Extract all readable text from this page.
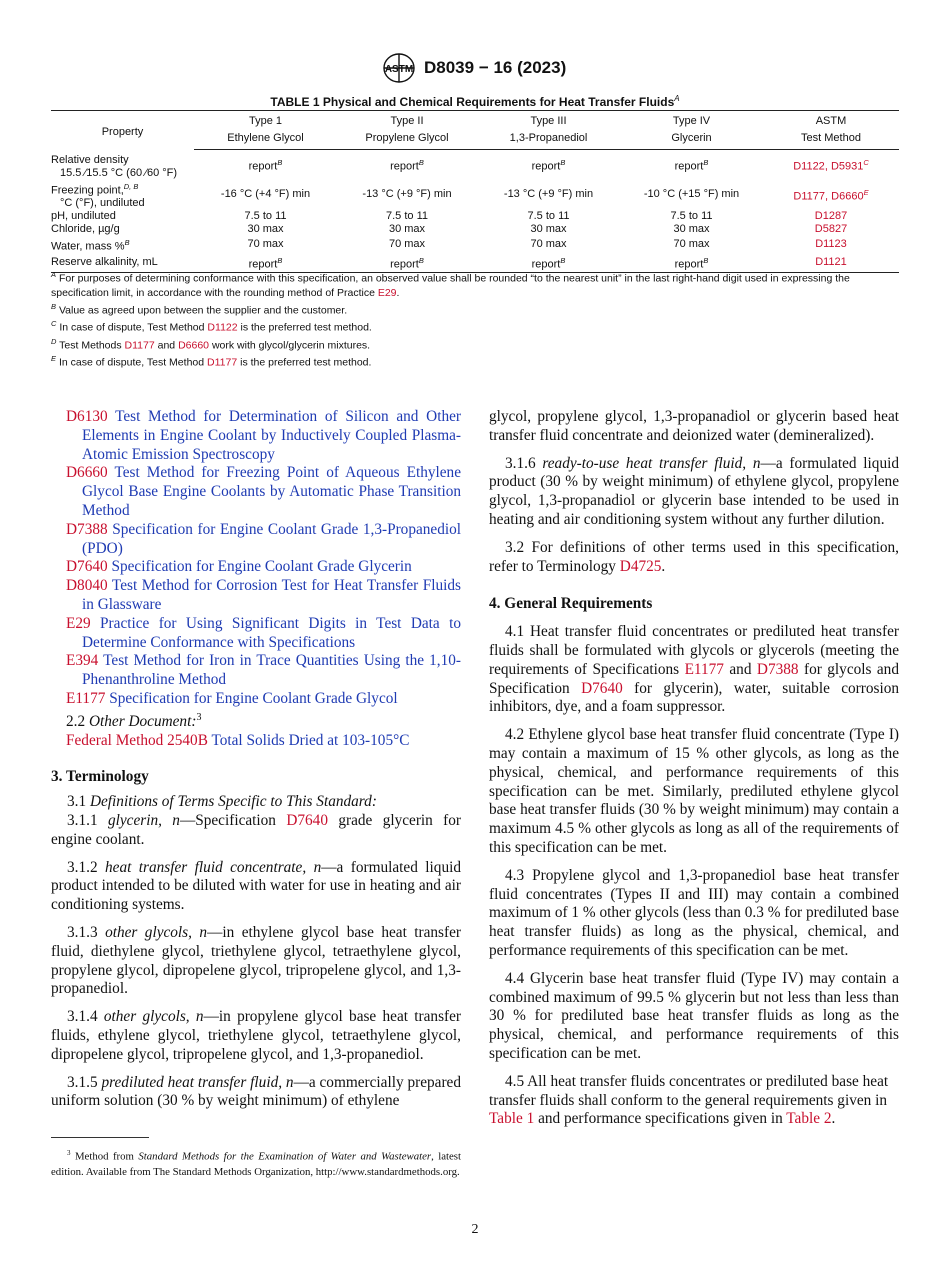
ASTM D8039 − 16 (2023)
TABLE 1 Physical and Chemical Requirements for Heat Transfer Fluids$^A$
Property	Type 1	Type II	Type III	Type IV	ASTM
	Ethylene Glycol	Propylene Glycol	1,3-Propanediol	Glycerin	Test Method
Relative density
15.5 ⁄15.5 °C (60 ⁄60 °F)	report$^B$	report$^B$	report$^B$	report$^B$	D1122, $D5931^C$
Freezing point,$^{D, B}$
°C (°F), undiluted	-16 °C (+4 °F) min	-13 °C (+9 °F) min	-13 °C (+9 °F) min	-10 °C (+15 °F) min	D1177, $D6660^E$
pH, undiluted	7.5 to 11	7.5 to 11	7.5 to 11	7.5 to 11	D1287
Chloride, µg/g	30 max	30 max	30 max	30 max	D5827
Water, mass %$^B$	70 max	70 max	70 max	70 max	D1123
Reserve alkalinity, mL	report$^B$	report$^B$	report$^B$	report$^B$	D1121

$^A$ For purposes of determining conformance with this specification, an observed value shall be rounded “to the nearest unit” in the last right-hand digit used in expressing the specification limit, in accordance with the rounding method of Practice E29.

$^B$ Value as agreed upon between the supplier and the customer.

$^C$ In case of dispute, Test Method D1122 is the preferred test method.

$^D$ Test Methods D1177 and D6660 work with glycol/glycerin mixtures.

$^E$ In case of dispute, Test Method D1177 is the preferred test method.

D6130 Test Method for Determination of Silicon and Other Elements in Engine Coolant by Inductively Coupled Plasma-Atomic Emission Spectroscopy

D6660 Test Method for Freezing Point of Aqueous Ethylene Glycol Base Engine Coolants by Automatic Phase Transition Method

D7388 Specification for Engine Coolant Grade 1,3-Propanediol (PDO)

D7640 Specification for Engine Coolant Grade Glycerin

D8040 Test Method for Corrosion Test for Heat Transfer Fluids in Glassware

E29 Practice for Using Significant Digits in Test Data to Determine Conformance with Specifications

E394 Test Method for Iron in Trace Quantities Using the 1,10-Phenanthroline Method

E1177 Specification for Engine Coolant Grade Glycol

2.2 Other Document:$^3$

Federal Method 2540B Total Solids Dried at 103-105°C

3. Terminology

3.1 Definitions of Terms Specific to This Standard:

3.1.1 glycerin, n—Specification D7640 grade glycerin for engine coolant.

3.1.2 heat transfer fluid concentrate, n—a formulated liquid product intended to be diluted with water for use in heating and air conditioning systems.

3.1.3 other glycols, n—in ethylene glycol base heat transfer fluid, diethylene glycol, triethylene glycol, tetraethylene glycol, propylene glycol, dipropelene glycol, tripropelene glycol, and 1,3-propanediol.

3.1.4 other glycols, n—in propylene glycol base heat transfer fluids, ethylene glycol, triethylene glycol, tetraethylene glycol, dipropelene glycol, tripropelene glycol, and 1,3-propanediol.

3.1.5 prediluted heat transfer fluid, n—a commercially prepared uniform solution (30 % by weight minimum) of ethylene

glycol, propylene glycol, 1,3-propanadiol or glycerin based heat transfer fluid concentrate and deionized water (demineralized).

3.1.6 ready-to-use heat transfer fluid, n—a formulated liquid product (30 % by weight minimum) of ethylene glycol, propylene glycol, 1,3-propanadiol or glycerin base intended to be used in heating and air conditioning system without any further dilution.

3.2 For definitions of other terms used in this specification, refer to Terminology D4725.

4. General Requirements

4.1 Heat transfer fluid concentrates or prediluted heat transfer fluids shall be formulated with glycols or glycerols (meeting the requirements of Specifications E1177 and D7388 for glycols and Specification D7640 for glycerin), water, suitable corrosion inhibitors, dye, and a foam suppressor.

4.2 Ethylene glycol base heat transfer fluid concentrate (Type I) may contain a maximum of 15 % other glycols, as long as the physical, chemical, and performance requirements of this specification can be met. Similarly, prediluted ethylene glycol base heat transfer fluids (30 % by weight minimum) may contain a maximum 4.5 % other glycols as long as all of the requirements of this specification can be met.

4.3 Propylene glycol and 1,3-propanediol base heat transfer fluid concentrates (Types II and III) may contain a combined maximum of 1 % other glycols (less than 0.3 % for prediluted base heat transfer fluids) as long as the physical, chemical, and performance requirements of this specification can be met.

4.4 Glycerin base heat transfer fluid (Type IV) may contain a combined maximum of 99.5 % glycerin but not less than less than 30 % for prediluted base heat transfer fluids as long as the physical, chemical, and performance requirements of this specification can be met.

4.5 All heat transfer fluids concentrates or prediluted base heat transfer fluids shall conform to the general requirements given in Table 1 and performance specifications given in Table 2.

$^3$ Method from Standard Methods for the Examination of Water and Wastewater, latest edition. Available from The Standard Methods Organization, http://www.standardmethods.org.
2
